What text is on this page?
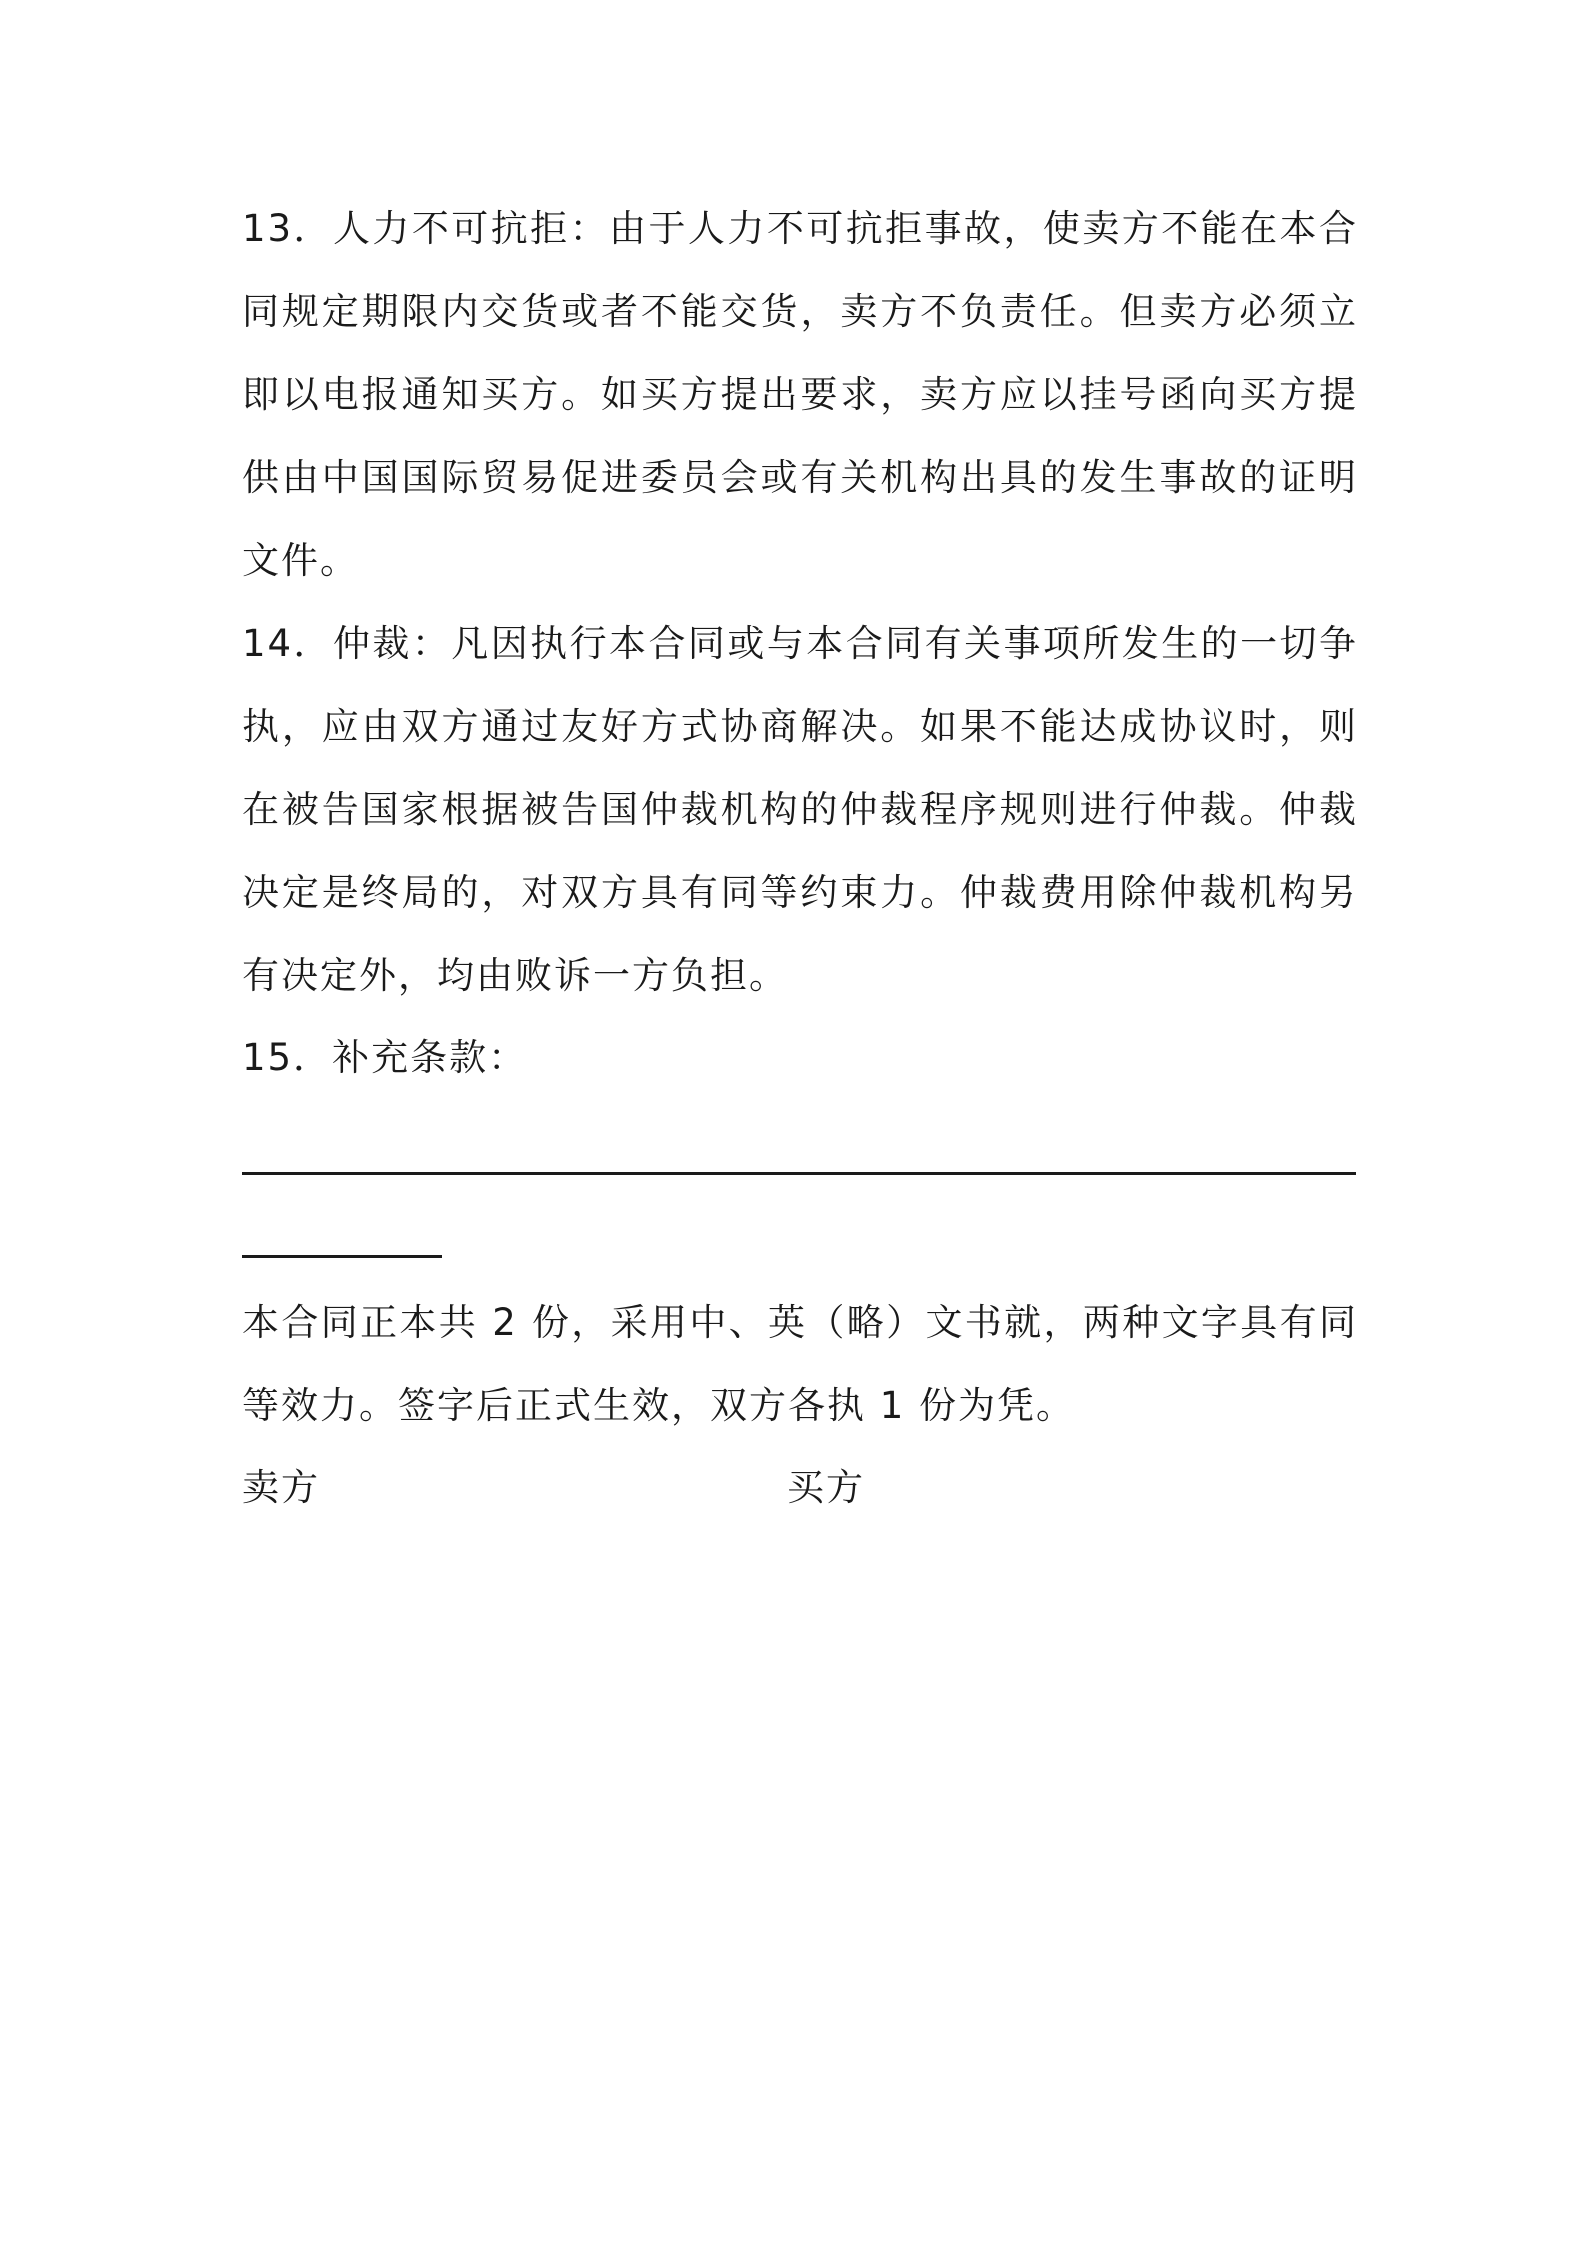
13．人力不可抗拒：由于人力不可抗拒事故，使卖方不能在本合同规定期限内交货或者不能交货，卖方不负责任。但卖方必须立即以电报通知买方。如买方提出要求，卖方应以挂号函向买方提供由中国国际贸易促进委员会或有关机构出具的发生事故的证明文件。

14．仲裁：凡因执行本合同或与本合同有关事项所发生的一切争执，应由双方通过友好方式协商解决。如果不能达成协议时，则在被告国家根据被告国仲裁机构的仲裁程序规则进行仲裁。仲裁决定是终局的，对双方具有同等约束力。仲裁费用除仲裁机构另有决定外，均由败诉一方负担。

15．补充条款：

本合同正本共 2 份，采用中、英（略）文书就，两种文字具有同等效力。签字后正式生效，双方各执 1 份为凭。

卖方	买方
